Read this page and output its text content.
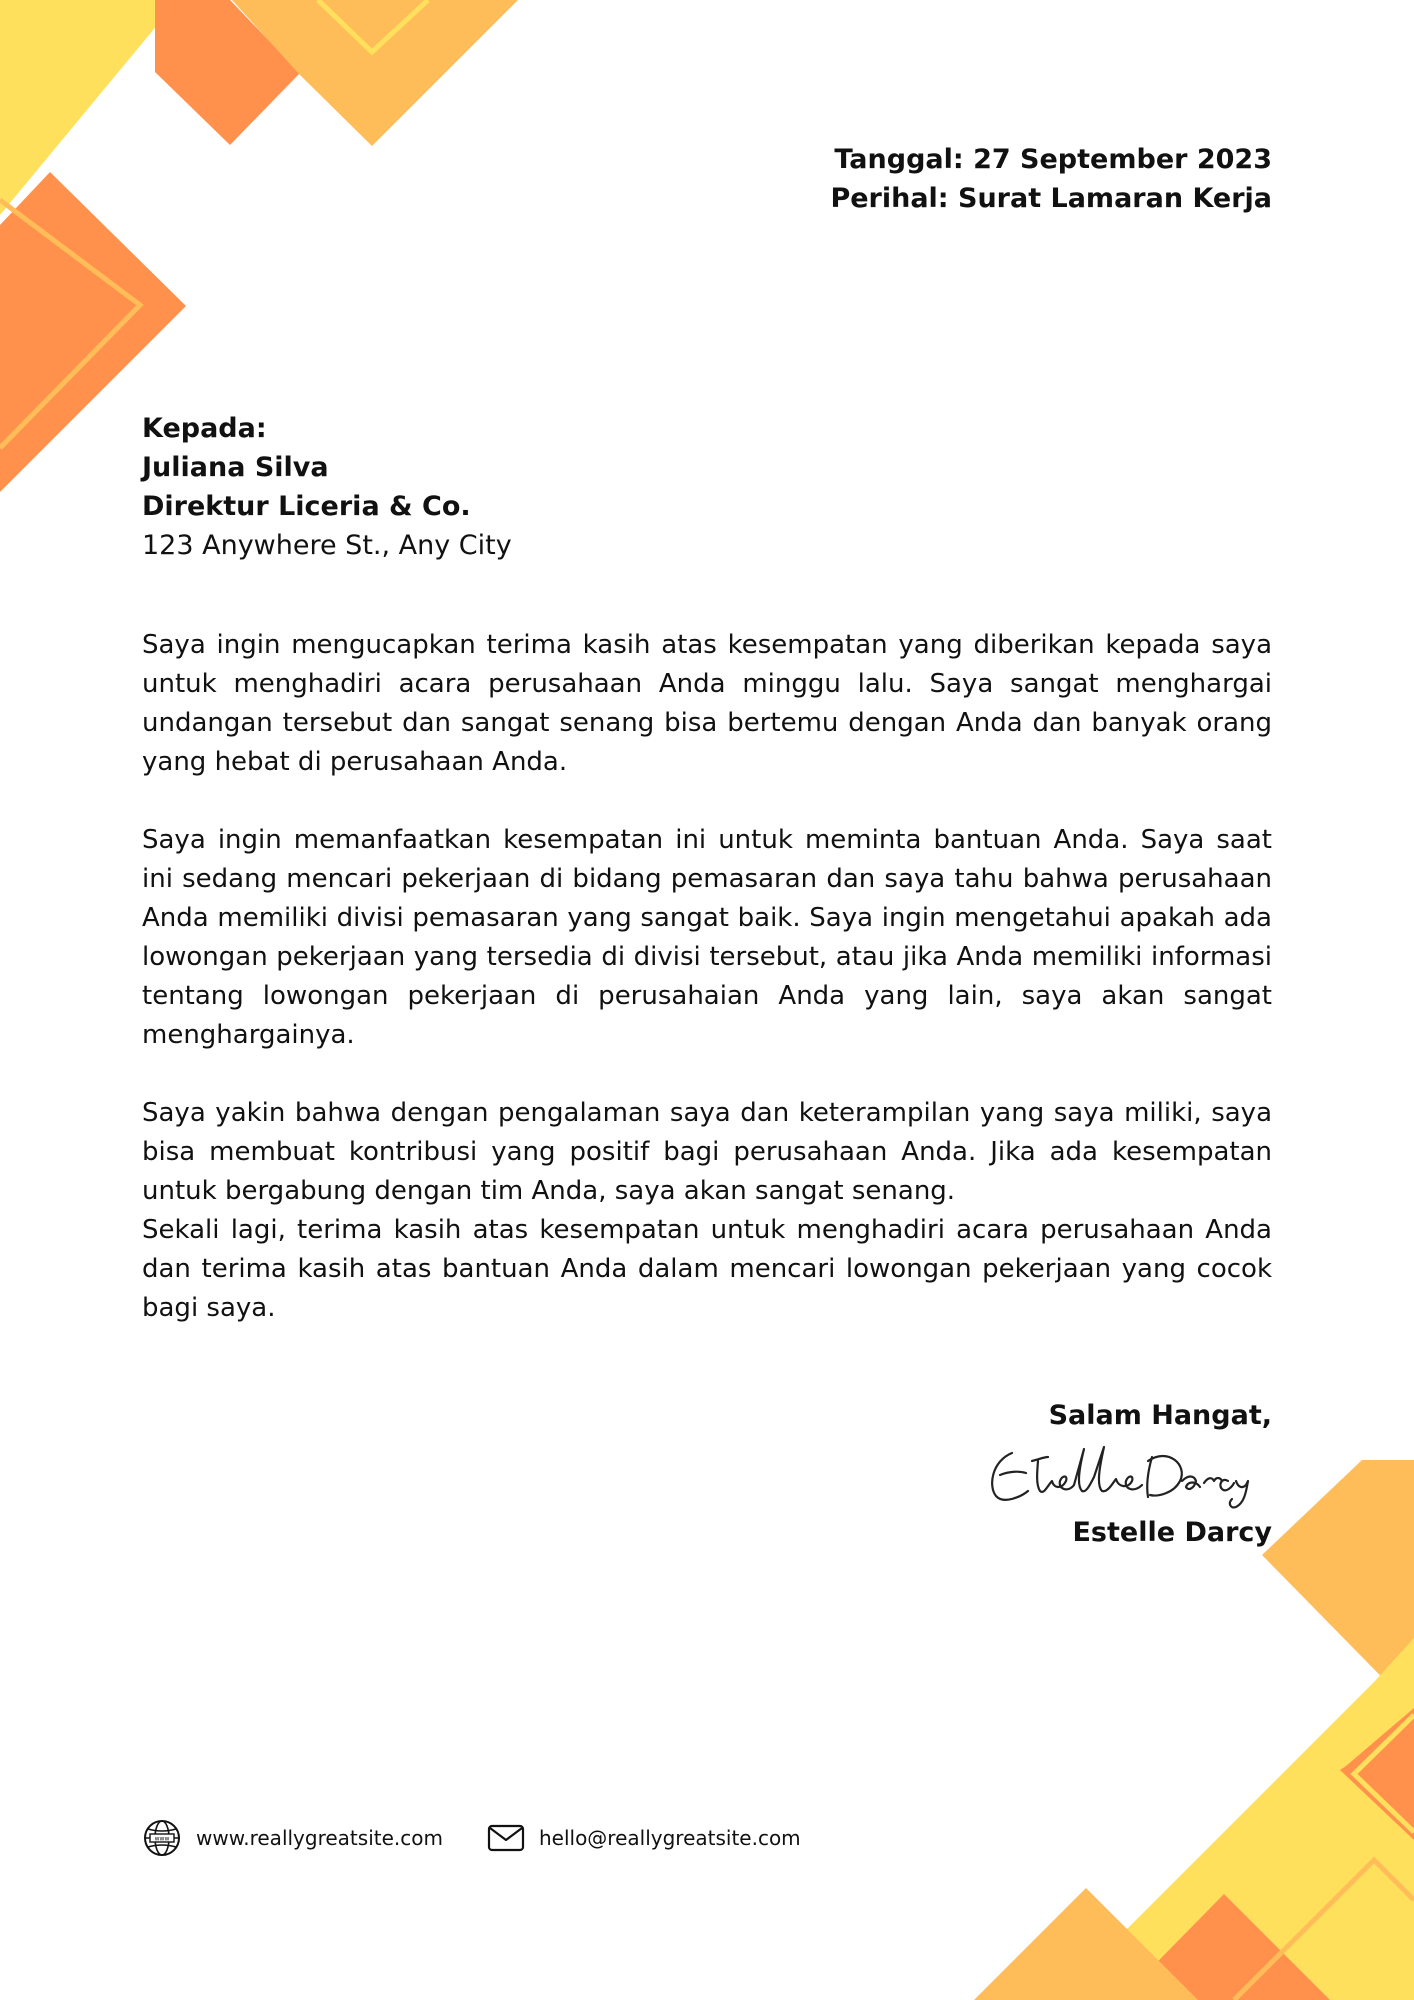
Tanggal: 27 September 2023
Perihal: Surat Lamaran Kerja
Kepada:
Juliana Silva
Direktur Liceria & Co.
123 Anywhere St., Any City

Saya ingin mengucapkan terima kasih atas kesempatan yang diberikan kepada saya untuk menghadiri acara perusahaan Anda minggu lalu. Saya sangat menghargai undangan tersebut dan sangat senang bisa bertemu dengan Anda dan banyak orang yang hebat di perusahaan Anda.

Saya ingin memanfaatkan kesempatan ini untuk meminta bantuan Anda. Saya saat ini sedang mencari pekerjaan di bidang pemasaran dan saya tahu bahwa perusahaan Anda memiliki divisi pemasaran yang sangat baik. Saya ingin mengetahui apakah ada lowongan pekerjaan yang tersedia di divisi tersebut, atau jika Anda memiliki informasi tentang lowongan pekerjaan di perusahaian Anda yang lain, saya akan sangat menghargainya.

Saya yakin bahwa dengan pengalaman saya dan keterampilan yang saya miliki, saya bisa membuat kontribusi yang positif bagi perusahaan Anda. Jika ada kesempatan untuk bergabung dengan tim Anda, saya akan sangat senang.

Sekali lagi, terima kasih atas kesempatan untuk menghadiri acara perusahaan Anda dan terima kasih atas bantuan Anda dalam mencari lowongan pekerjaan yang cocok bagi saya.

Salam Hangat,
Estelle Darcy
www www.reallygreatsite.com	hello@reallygreatsite.com
